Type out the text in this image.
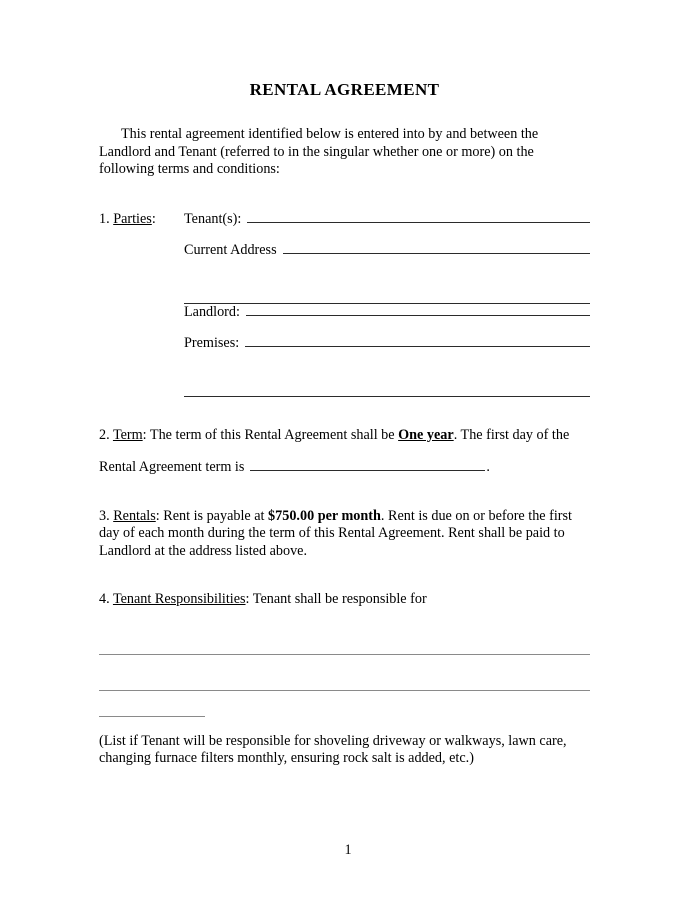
RENTAL AGREEMENT

This rental agreement identified below is entered into by and between the Landlord and Tenant (referred to in the singular whether one or more) on the following terms and conditions:

1. Parties: Tenant(s):
Current Address
Landlord:
Premises:

2. Term: The term of this Rental Agreement shall be One year. The first day of the

Rental Agreement term is	.

3. Rentals: Rent is payable at $750.00 per month. Rent is due on or before the first day of each month during the term of this Rental Agreement. Rent shall be paid to Landlord at the address listed above.

4. Tenant Responsibilities: Tenant shall be responsible for

(List if Tenant will be responsible for shoveling driveway or walkways, lawn care, changing furnace filters monthly, ensuring rock salt is added, etc.)

1
